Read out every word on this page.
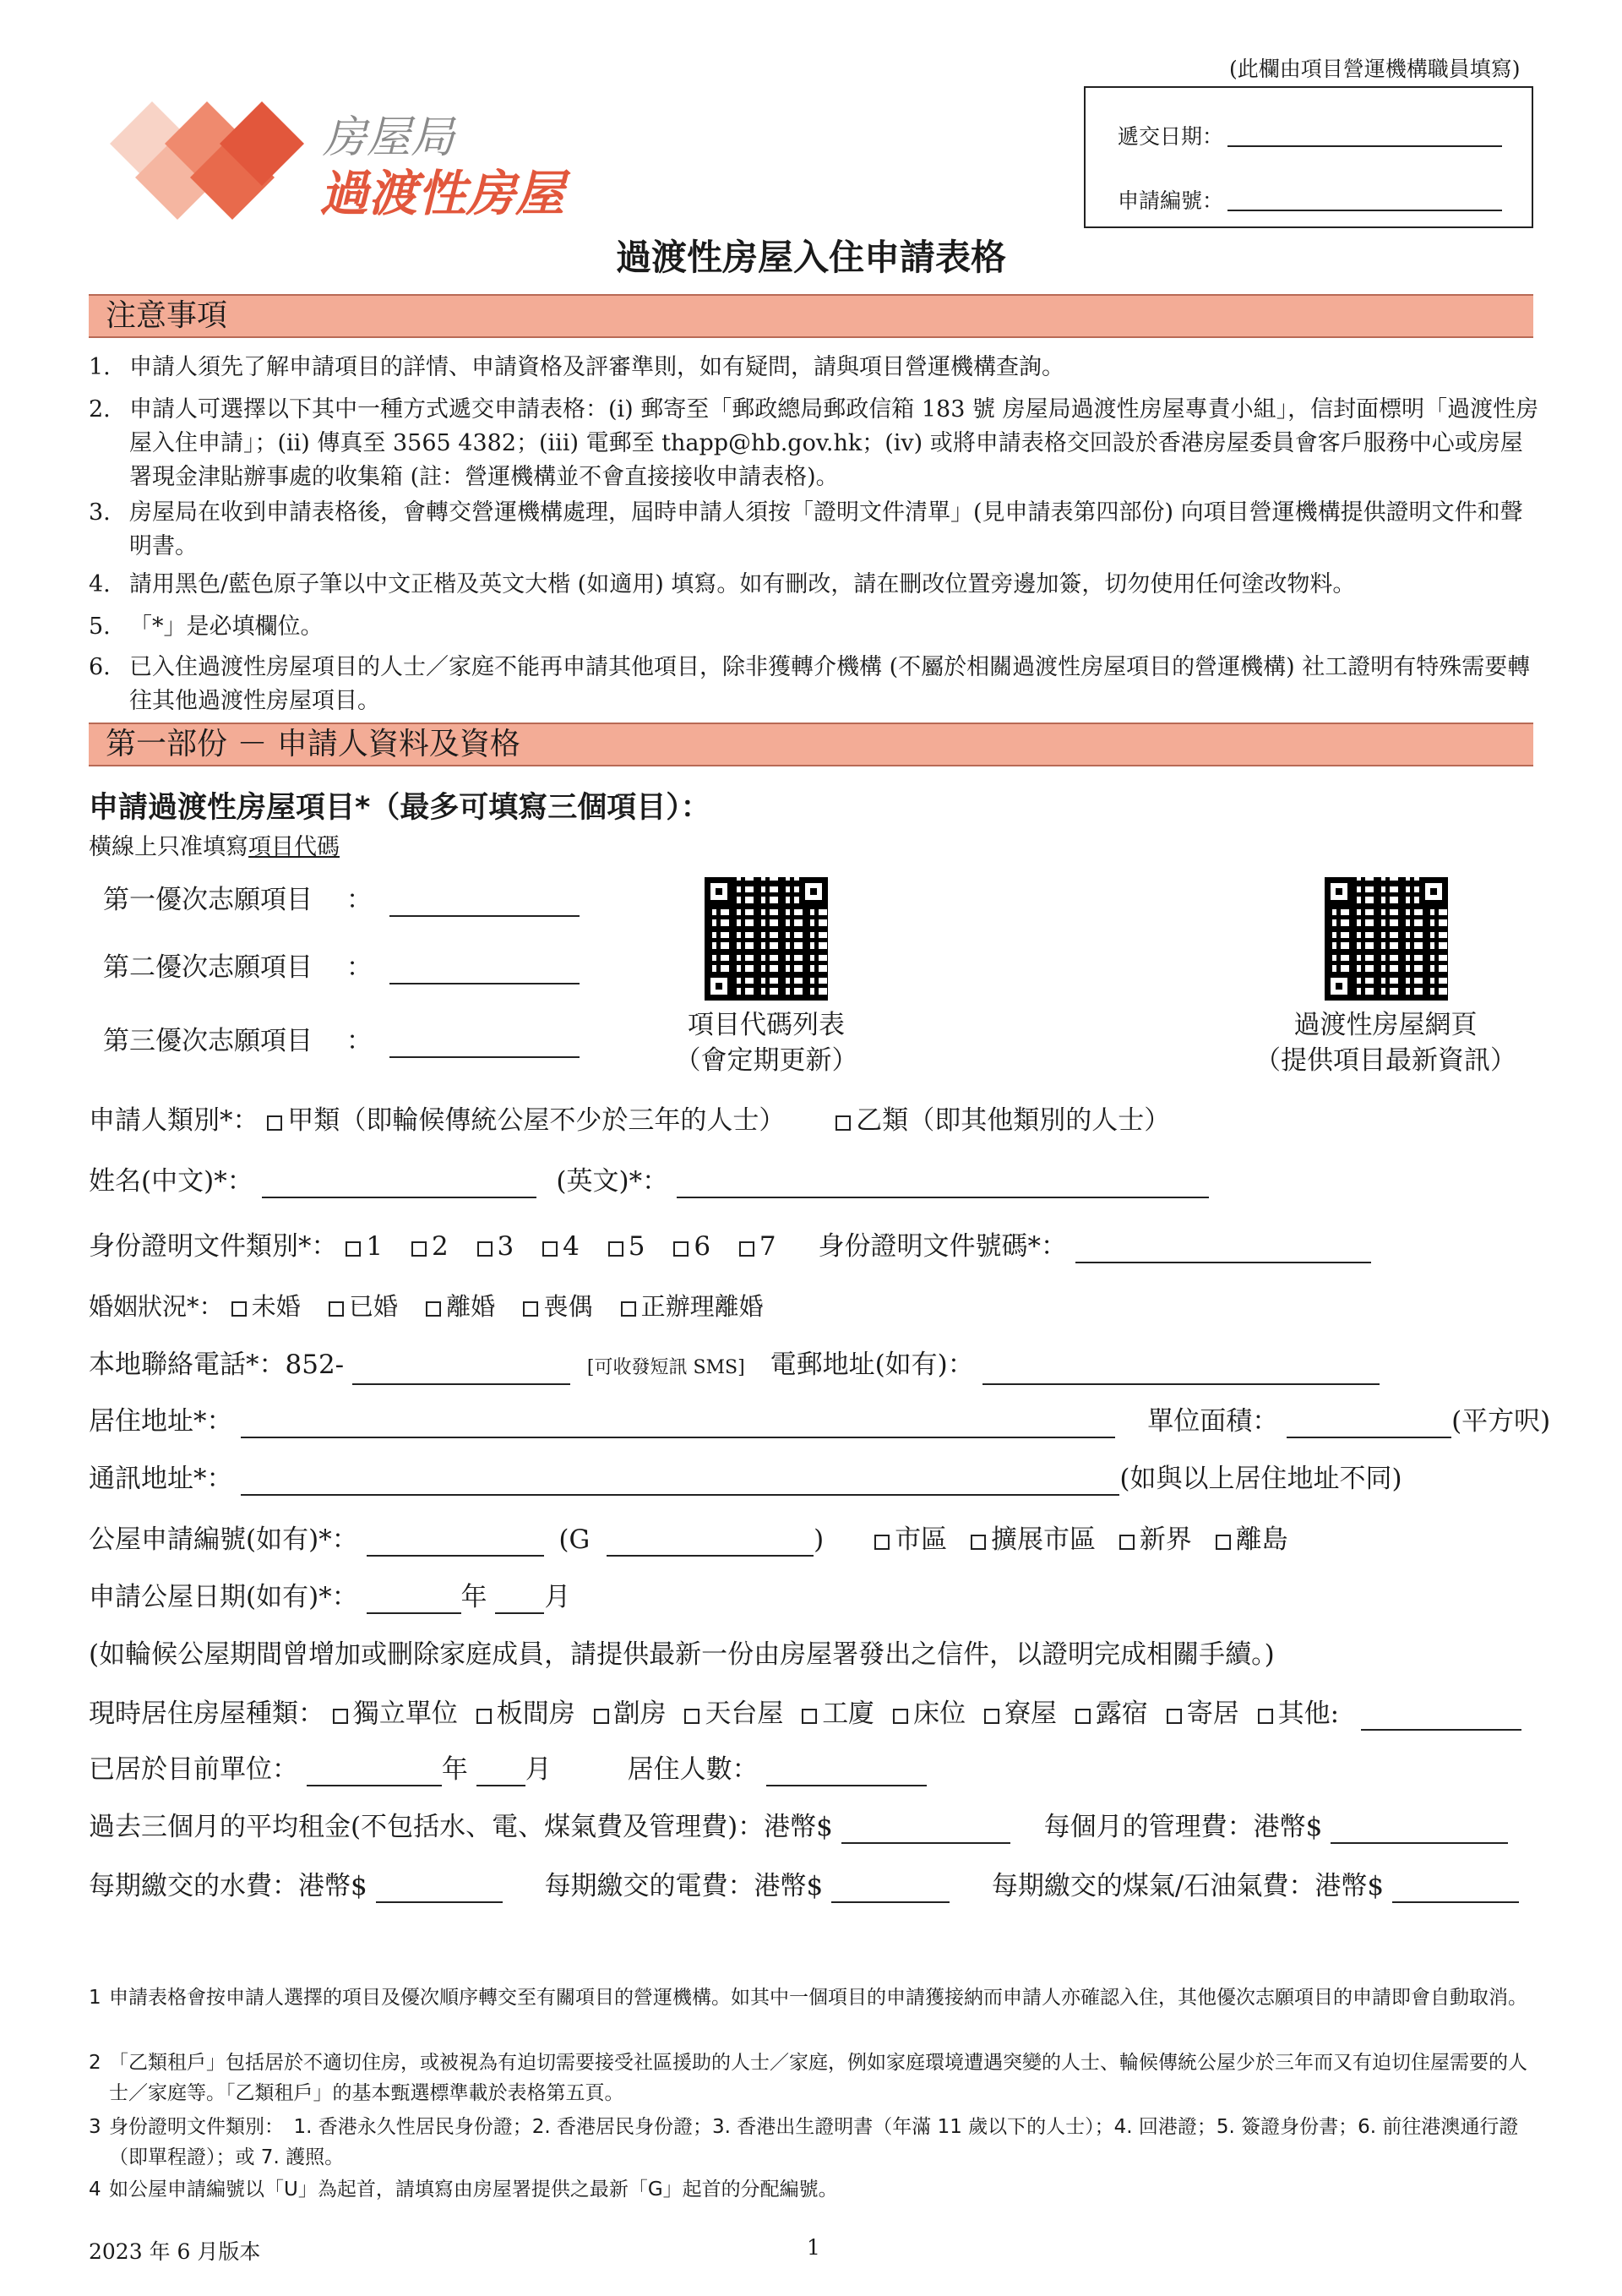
(此欄由項目營運機構職員填寫)
遞交日期：
申請編號：
房屋局
過渡性房屋
過渡性房屋入住申請表格
注意事項
1. 申請人須先了解申請項目的詳情、申請資格及評審準則，如有疑問，請與項目營運機構查詢。
2. 申請人可選擇以下其中一種方式遞交申請表格：(i) 郵寄至「郵政總局郵政信箱 183 號 房屋局過渡性房屋專責小組」，信封面標明「過渡性房屋入住申請」；(ii) 傳真至 3565 4382；(iii) 電郵至 thapp@hb.gov.hk；(iv) 或將申請表格交回設於香港房屋委員會客戶服務中心或房屋署現金津貼辦事處的收集箱 (註：營運機構並不會直接接收申請表格)。
3. 房屋局在收到申請表格後，會轉交營運機構處理，屆時申請人須按「證明文件清單」(見申請表第四部份) 向項目營運機構提供證明文件和聲明書。
4. 請用黑色/藍色原子筆以中文正楷及英文大楷 (如適用) 填寫。如有刪改，請在刪改位置旁邊加簽，切勿使用任何塗改物料。
5. 「*」是必填欄位。
6. 已入住過渡性房屋項目的人士／家庭不能再申請其他項目，除非獲轉介機構 (不屬於相關過渡性房屋項目的營運機構) 社工證明有特殊需要轉往其他過渡性房屋項目。
第一部份 － 申請人資料及資格
申請過渡性房屋項目*（最多可填寫三個項目）：
橫線上只准填寫項目代碼
第一優次志願項目 ：
第二優次志願項目 ：
第三優次志願項目 ：
項目代碼列表
（會定期更新）
過渡性房屋網頁
（提供項目最新資訊）
申請人類別*： 甲類（即輪候傳統公屋不少於三年的人士）	乙類（即其他類別的人士）
姓名(中文)*：	(英文)*：
身份證明文件類別*： 1 2 3 4 5 6 7 身份證明文件號碼*：
婚姻狀況*： 未婚 已婚 離婚 喪偶 正辦理離婚
本地聯絡電話*：852-	[可收發短訊 SMS] 電郵地址(如有)：
居住地址*：	單位面積：	(平方呎)
通訊地址*：	(如與以上居住地址不同)
公屋申請編號(如有)*：	(G	)	市區 擴展市區 新界 離島
申請公屋日期(如有)*：	年 月
(如輪候公屋期間曾增加或刪除家庭成員，請提供最新一份由房屋署發出之信件，以證明完成相關手續。)
現時居住房屋種類： 獨立單位 板間房 劏房 天台屋 工廈 床位 寮屋 露宿 寄居 其他:
已居於目前單位：	年 月	居住人數：
過去三個月的平均租金(不包括水、電、煤氣費及管理費)：港幣$	每個月的管理費：港幣$
每期繳交的水費：港幣$	每期繳交的電費：港幣$	每期繳交的煤氣/石油氣費：港幣$
1 申請表格會按申請人選擇的項目及優次順序轉交至有關項目的營運機構。如其中一個項目的申請獲接納而申請人亦確認入住，其他優次志願項目的申請即會自動取消。
2 「乙類租戶」包括居於不適切住房，或被視為有迫切需要接受社區援助的人士／家庭，例如家庭環境遭遇突變的人士、輪候傳統公屋少於三年而又有迫切住屋需要的人士／家庭等。「乙類租戶」的基本甄選標準載於表格第五頁。
3 身份證明文件類別：　1. 香港永久性居民身份證；2. 香港居民身份證；3. 香港出生證明書（年滿 11 歲以下的人士）；4. 回港證；5. 簽證身份書；6. 前往港澳通行證（即單程證）；或 7. 護照。
4 如公屋申請編號以「U」為起首，請填寫由房屋署提供之最新「G」起首的分配編號。
2023 年 6 月版本	1
